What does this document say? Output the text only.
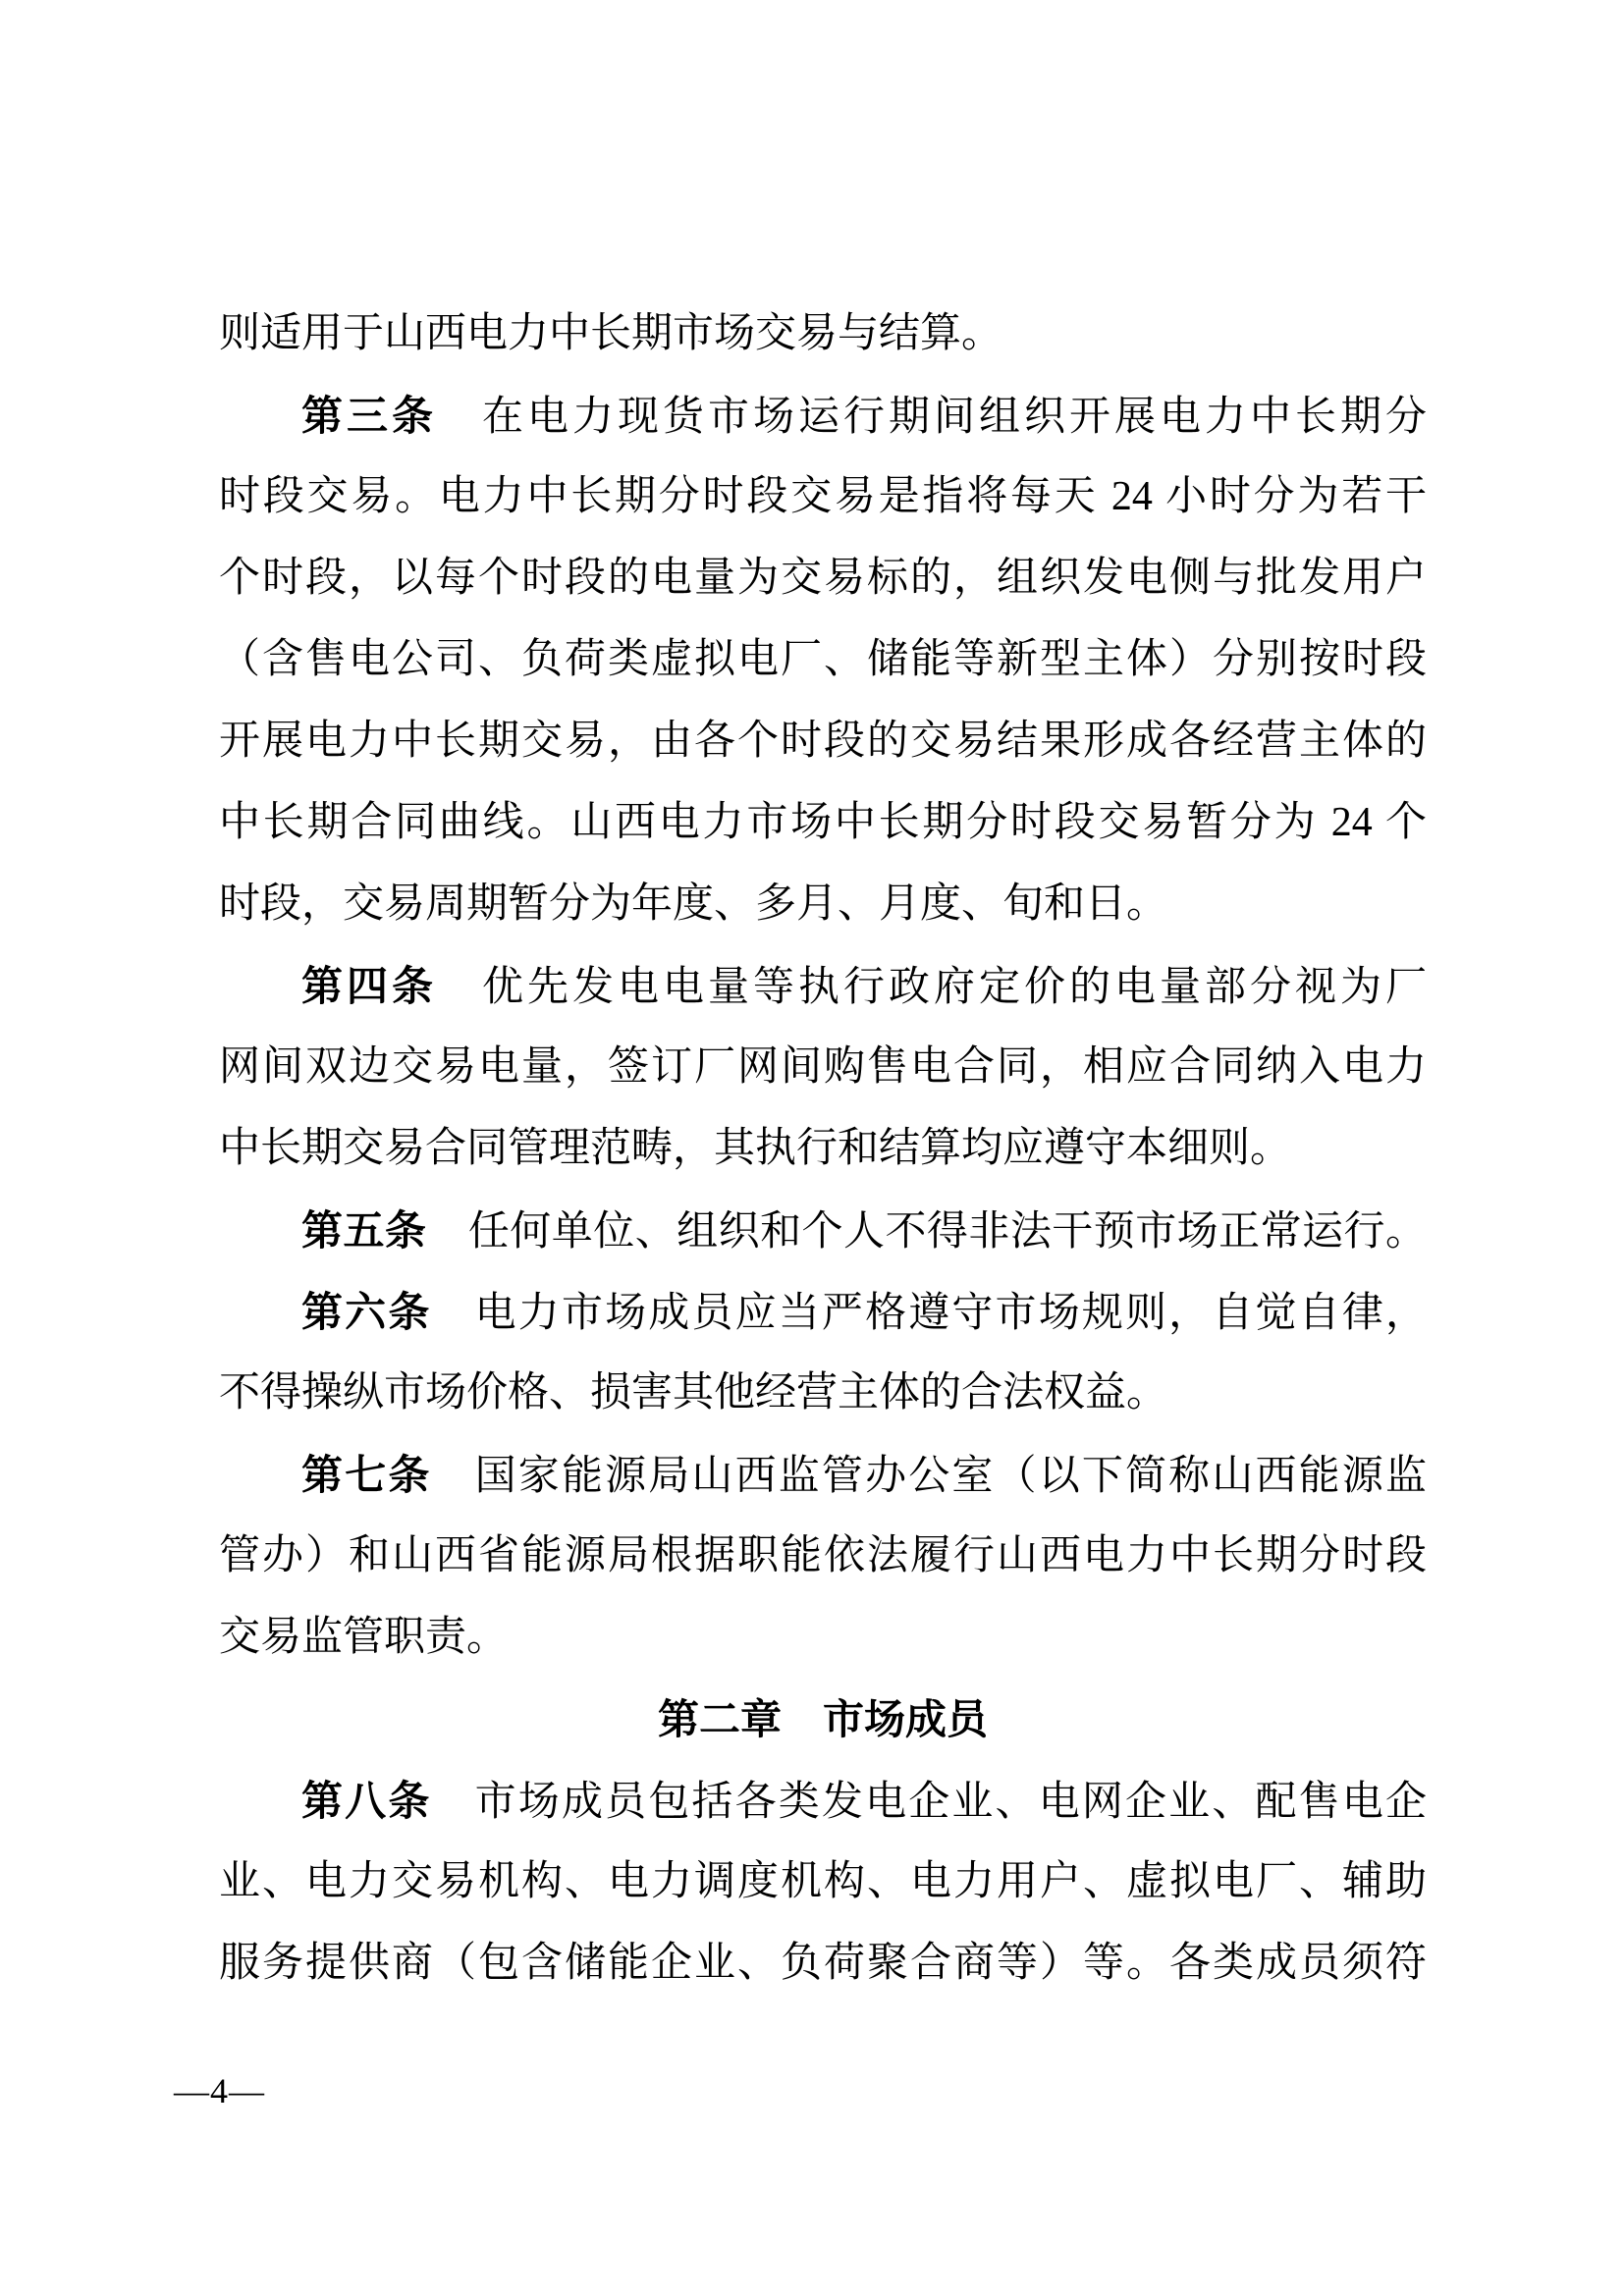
则适用于山西电力中长期市场交易与结算。
第三条　在电力现货市场运行期间组织开展电力中长期分
时段交易。电力中长期分时段交易是指将每天 24 小时分为若干
个时段，以每个时段的电量为交易标的，组织发电侧与批发用户
（含售电公司、负荷类虚拟电厂、储能等新型主体）分别按时段
开展电力中长期交易，由各个时段的交易结果形成各经营主体的
中长期合同曲线。山西电力市场中长期分时段交易暂分为 24 个
时段，交易周期暂分为年度、多月、月度、旬和日。
第四条　优先发电电量等执行政府定价的电量部分视为厂
网间双边交易电量，签订厂网间购售电合同，相应合同纳入电力
中长期交易合同管理范畴，其执行和结算均应遵守本细则。
第五条　任何单位、组织和个人不得非法干预市场正常运行。
第六条　电力市场成员应当严格遵守市场规则，自觉自律，
不得操纵市场价格、损害其他经营主体的合法权益。
第七条　国家能源局山西监管办公室（以下简称山西能源监
管办）和山西省能源局根据职能依法履行山西电力中长期分时段
交易监管职责。
第二章　市场成员
第八条　市场成员包括各类发电企业、电网企业、配售电企
业、电力交易机构、电力调度机构、电力用户、虚拟电厂、辅助
服务提供商（包含储能企业、负荷聚合商等）等。各类成员须符
—4—
